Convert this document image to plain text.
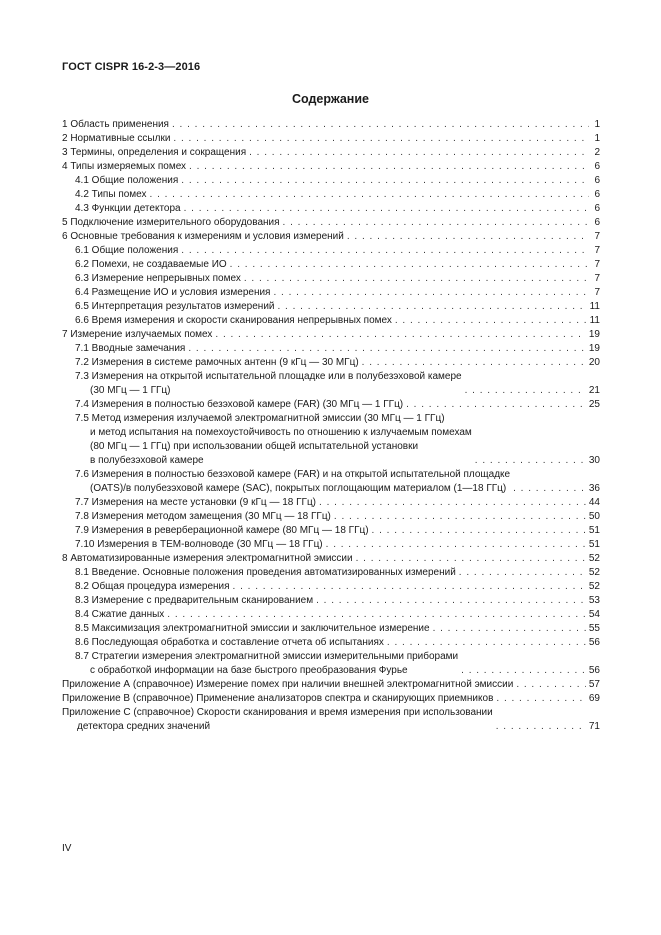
ГОСТ CISPR 16-2-3—2016
Содержание
1 Область применения . . .	1
2 Нормативные ссылки . . .	1
3 Термины, определения и сокращения . . .	2
4 Типы измеряемых помех . . .	6
4.1 Общие положения . . .	6
4.2 Типы помех . . .	6
4.3 Функции детектора . . .	6
5 Подключение измерительного оборудования . . .	6
6 Основные требования к измерениям и условия измерений . . .	7
6.1 Общие положения . . .	7
6.2 Помехи, не создаваемые ИО . . .	7
6.3 Измерение непрерывных помех . . .	7
6.4 Размещение ИО и условия измерения . . .	7
6.5 Интерпретация результатов измерений . . .	11
6.6 Время измерения и скорости сканирования непрерывных помех . . .	11
7 Измерение излучаемых помех . . .	19
7.1 Вводные замечания . . .	19
7.2 Измерения в системе рамочных антенн (9 кГц — 30 МГц) . . .	20
7.3 Измерения на открытой испытательной площадке или в полубезэховой камере
(30 МГц — 1 ГГц) . . .	21
7.4 Измерения в полностью безэховой камере (FAR) (30 МГц — 1 ГГц) . . .	25
7.5 Метод измерения излучаемой электромагнитной эмиссии (30 МГц — 1 ГГц)
и метод испытания на помехоустойчивость по отношению к излучаемым помехам
(80 МГц — 1 ГГц) при использовании общей испытательной установки
в полубезэховой камере . . .	30
7.6 Измерения в полностью безэховой камере (FAR) и на открытой испытательной площадке
(OATS)/в полубезэховой камере (SAC), покрытых поглощающим материалом (1—18 ГГц) . . .	36
7.7 Измерения на месте установки (9 кГц — 18 ГГц) . . .	44
7.8 Измерения методом замещения (30 МГц — 18 ГГц) . . .	50
7.9 Измерения в реверберационной камере (80 МГц — 18 ГГц) . . .	51
7.10 Измерения в ТЕМ-волноводе (30 МГц — 18 ГГц) . . .	51
8 Автоматизированные измерения электромагнитной эмиссии . . .	52
8.1 Введение. Основные положения проведения автоматизированных измерений . . .	52
8.2 Общая процедура измерения . . .	52
8.3 Измерение с предварительным сканированием . . .	53
8.4 Сжатие данных . . .	54
8.5 Максимизация электромагнитной эмиссии и заключительное измерение . . .	55
8.6 Последующая обработка и составление отчета об испытаниях . . .	56
8.7 Стратегии измерения электромагнитной эмиссии измерительными приборами
с обработкой информации на базе быстрого преобразования Фурье . . .	56
Приложение А (справочное) Измерение помех при наличии внешней электромагнитной эмиссии . . .	57
Приложение В (справочное) Применение анализаторов спектра и сканирующих приемников . . .	69
Приложение С (справочное) Скорости сканирования и время измерения при использовании
детектора средних значений . . .	71
IV
